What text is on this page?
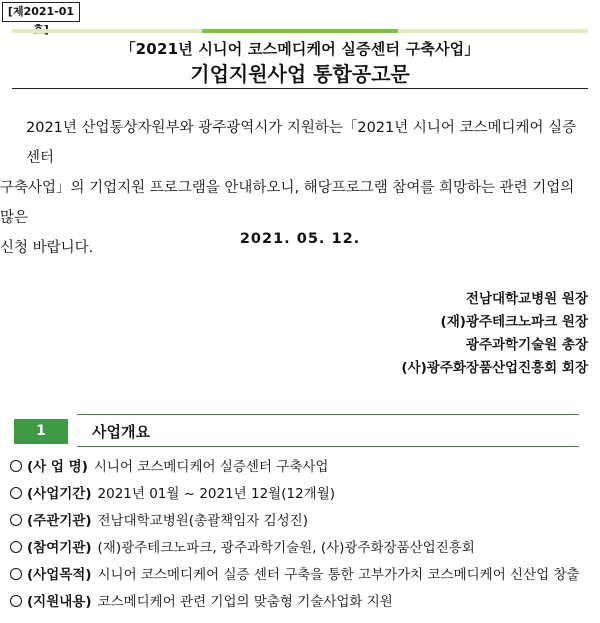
[제2021-01
「2021년 시니어 코스메디케어 실증센터 구축사업」
기업지원사업 통합공고문
2021년 산업통상자원부와 광주광역시가 지원하는「2021년 시니어 코스메디케어 실증센터
구축사업」의 기업지원 프로그램을 안내하오니, 해당프로그램 참여를 희망하는 관련 기업의 많은
신청 바랍니다.
2021. 05. 12.
전남대학교병원 원장
(재)광주테크노파크 원장
광주과학기술원 총장
(사)광주화장품산업진흥회 회장
1	사업개요
(사 업 명) 시니어 코스메디케어 실증센터 구축사업
(사업기간) 2021년 01월 ~ 2021년 12월(12개월)
(주관기관) 전남대학교병원(총괄책임자 김성진)
(참여기관) (재)광주테크노파크, 광주과학기술원, (사)광주화장품산업진흥회
(사업목적) 시니어 코스메디케어 실증 센터 구축을 통한 고부가가치 코스메디케어 신산업 창출
(지원내용) 코스메디케어 관련 기업의 맞춤형 기술사업화 지원
